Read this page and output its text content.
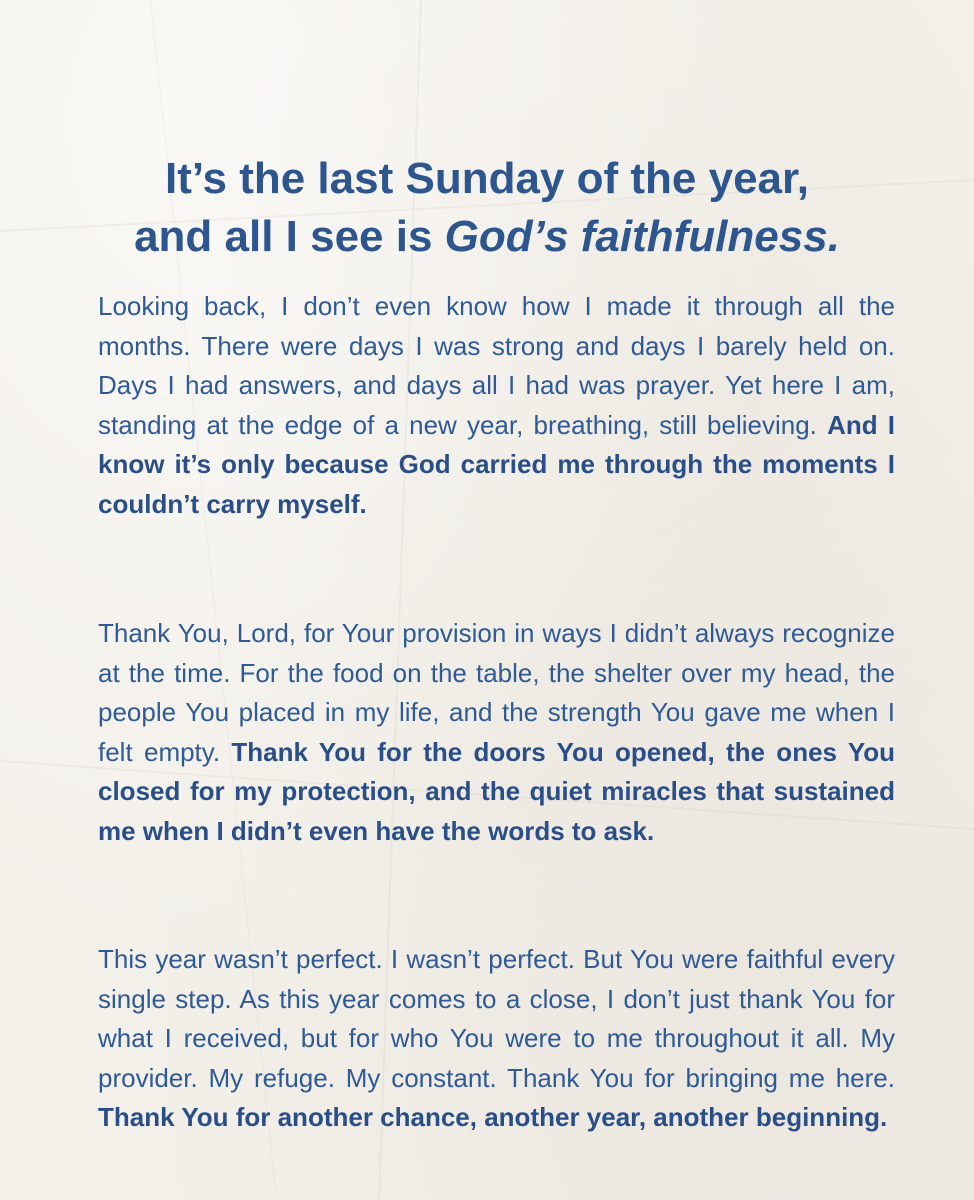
It’s the last Sunday of the year,
and all I see is God’s faithfulness.

Looking back, I don’t even know how I made it through all the months. There were days I was strong and days I barely held on. Days I had answers, and days all I had was prayer. Yet here I am, standing at the edge of a new year, breathing, still believing. And I know it’s only because God carried me through the moments I couldn’t carry myself.

Thank You, Lord, for Your provision in ways I didn’t always recognize at the time. For the food on the table, the shelter over my head, the people You placed in my life, and the strength You gave me when I felt empty. Thank You for the doors You opened, the ones You closed for my protection, and the quiet miracles that sustained me when I didn’t even have the words to ask.

This year wasn’t perfect. I wasn’t perfect. But You were faithful every single step. As this year comes to a close, I don’t just thank You for what I received, but for who You were to me throughout it all. My provider. My refuge. My constant. Thank You for bringing me here. Thank You for another chance, another year, another beginning.
